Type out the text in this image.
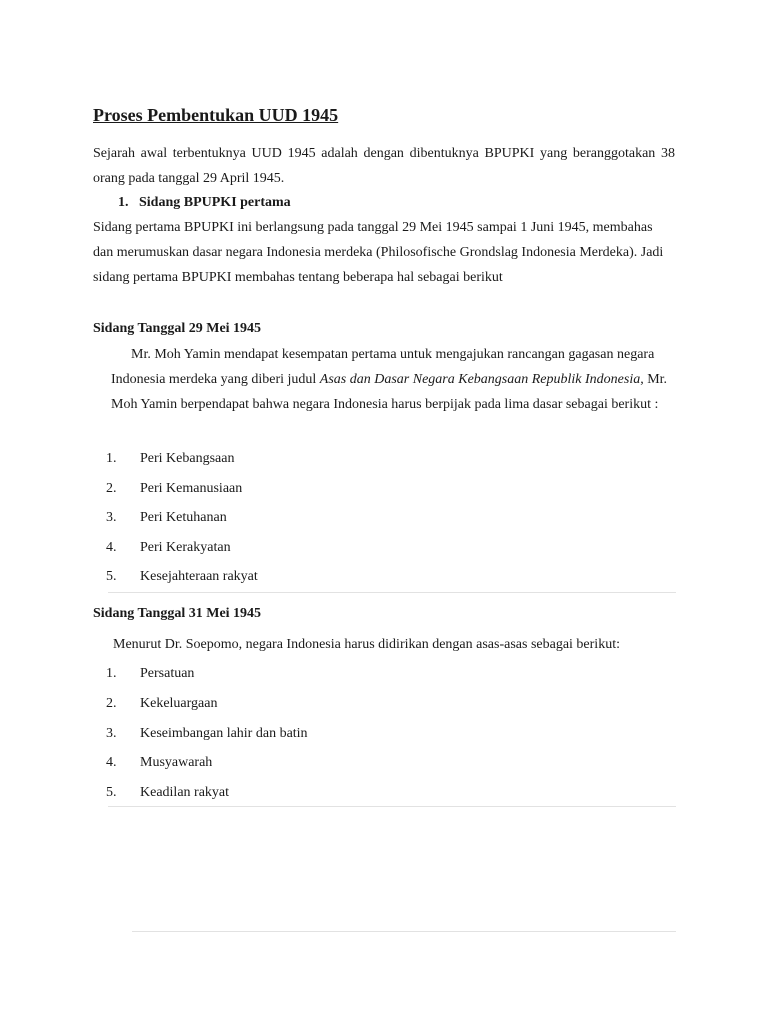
Proses Pembentukan UUD 1945

Sejarah awal terbentuknya UUD 1945 adalah dengan dibentuknya BPUPKI yang beranggotakan 38 orang pada tanggal 29 April 1945.

1. Sidang BPUPKI pertama

Sidang pertama BPUPKI ini berlangsung pada tanggal 29 Mei 1945 sampai 1 Juni 1945, membahas dan merumuskan dasar negara Indonesia merdeka (Philosofische Grondslag Indonesia Merdeka). Jadi sidang pertama BPUPKI membahas tentang beberapa hal sebagai berikut

Sidang Tanggal 29 Mei 1945

Mr. Moh Yamin mendapat kesempatan pertama untuk mengajukan rancangan gagasan negara Indonesia merdeka yang diberi judul Asas dan Dasar Negara Kebangsaan Republik Indonesia, Mr. Moh Yamin berpendapat bahwa negara Indonesia harus berpijak pada lima dasar sebagai berikut :

1.	Peri Kebangsaan
2.	Peri Kemanusiaan
3.	Peri Ketuhanan
4.	Peri Kerakyatan
5.	Kesejahteraan rakyat
Sidang Tanggal 31 Mei 1945

Menurut Dr. Soepomo, negara Indonesia harus didirikan dengan asas-asas sebagai berikut:

1.	Persatuan
2.	Kekeluargaan
3.	Keseimbangan lahir dan batin
4.	Musyawarah
5.	Keadilan rakyat
